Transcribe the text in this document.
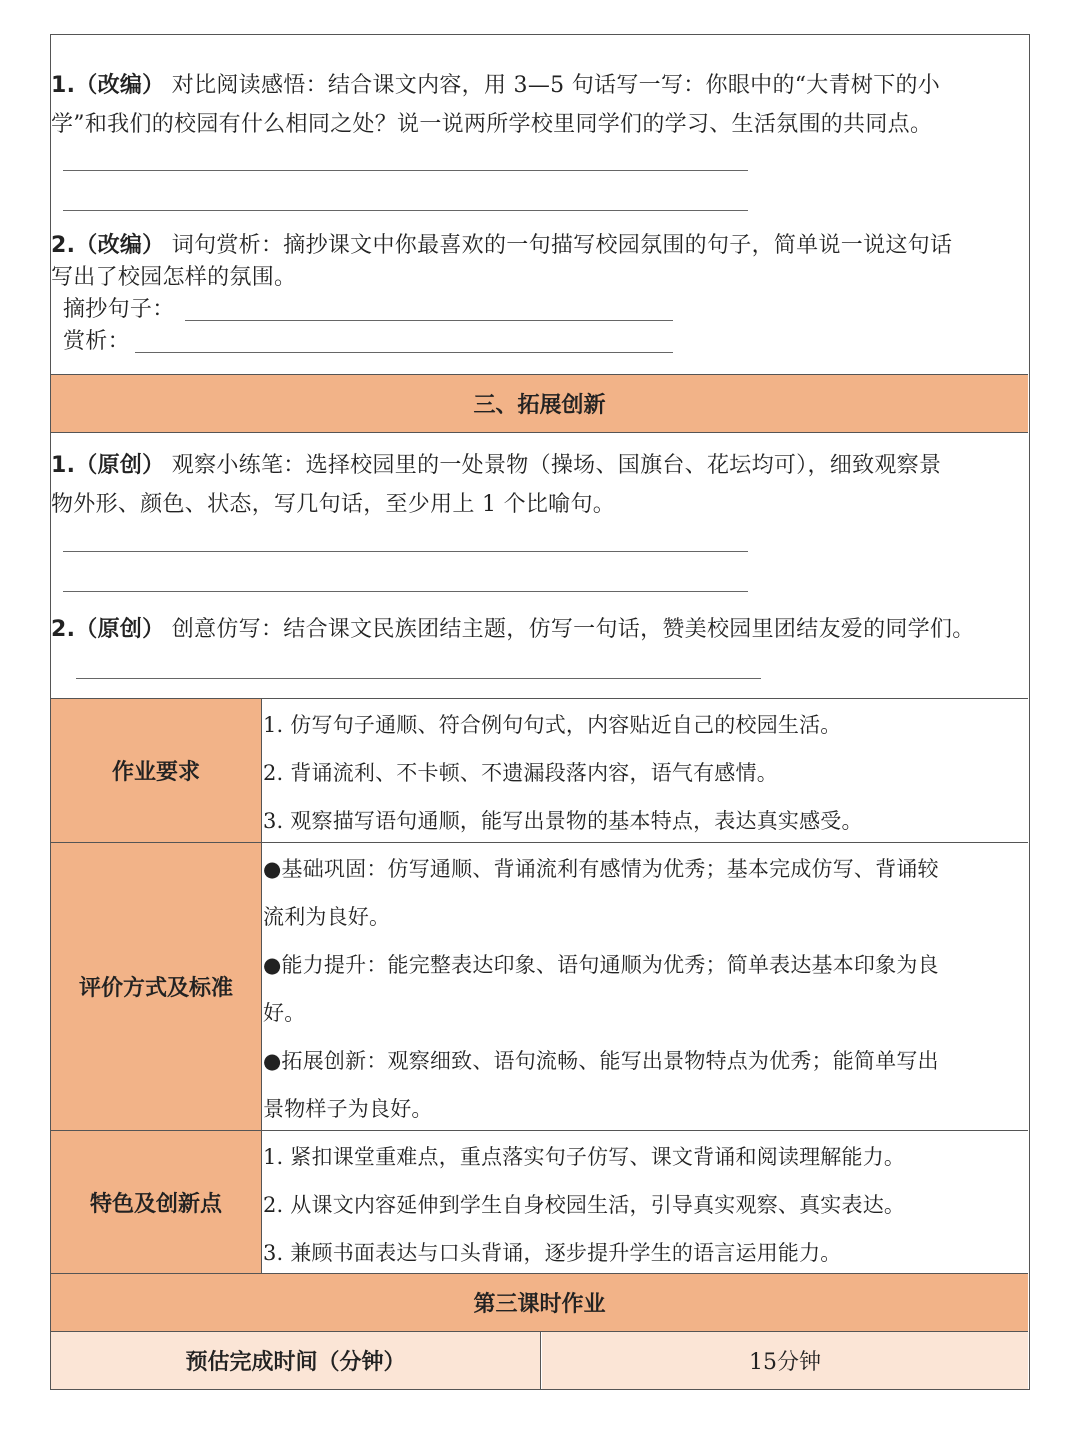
1.（改编） 对比阅读感悟：结合课文内容，用 3—5 句话写一写：你眼中的“大青树下的小
学”和我们的校园有什么相同之处？说一说两所学校里同学们的学习、生活氛围的共同点。
2.（改编） 词句赏析：摘抄课文中你最喜欢的一句描写校园氛围的句子，简单说一说这句话
写出了校园怎样的氛围。
摘抄句子：
赏析：
三、拓展创新
1.（原创） 观察小练笔：选择校园里的一处景物（操场、国旗台、花坛均可），细致观察景
物外形、颜色、状态，写几句话，至少用上 1 个比喻句。
2.（原创） 创意仿写：结合课文民族团结主题，仿写一句话，赞美校园里团结友爱的同学们。
作业要求
1. 仿写句子通顺、符合例句句式，内容贴近自己的校园生活。
2. 背诵流利、不卡顿、不遗漏段落内容，语气有感情。
3. 观察描写语句通顺，能写出景物的基本特点，表达真实感受。
评价方式及标准
●基础巩固：仿写通顺、背诵流利有感情为优秀；基本完成仿写、背诵较
流利为良好。
●能力提升：能完整表达印象、语句通顺为优秀；简单表达基本印象为良
好。
●拓展创新：观察细致、语句流畅、能写出景物特点为优秀；能简单写出
景物样子为良好。
特色及创新点
1. 紧扣课堂重难点，重点落实句子仿写、课文背诵和阅读理解能力。
2. 从课文内容延伸到学生自身校园生活，引导真实观察、真实表达。
3. 兼顾书面表达与口头背诵，逐步提升学生的语言运用能力。
第三课时作业
预估完成时间（分钟）	15分钟
